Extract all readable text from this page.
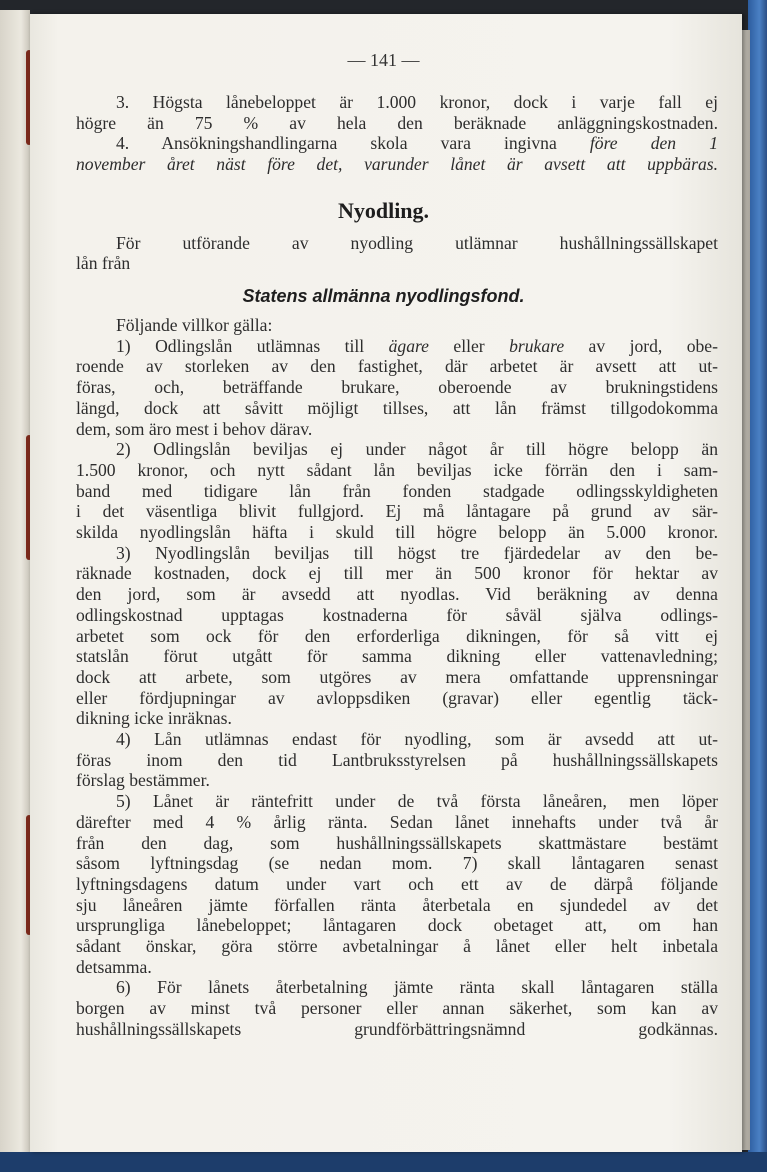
— 141 —
Nyodling.
Statens allmänna nyodlingsfond.
3. Högsta lånebeloppet är 1.000 kronor, dock i varje fall ej
högre än 75 % av hela den beräknade anläggningskostnaden.
4. Ansökningshandlingarna skola vara ingivna före den 1
november året näst före det, varunder lånet är avsett att uppbäras.
För utförande av nyodling utlämnar hushållningssällskapet
lån från
Följande villkor gälla:
1) Odlingslån utlämnas till ägare eller brukare av jord, obe-
roende av storleken av den fastighet, där arbetet är avsett att ut-
föras, och, beträffande brukare, oberoende av brukningstidens
längd, dock att såvitt möjligt tillses, att lån främst tillgodokomma
dem, som äro mest i behov därav.
2) Odlingslån beviljas ej under något år till högre belopp än
1.500 kronor, och nytt sådant lån beviljas icke förrän den i sam-
band med tidigare lån från fonden stadgade odlingsskyldigheten
i det väsentliga blivit fullgjord. Ej må låntagare på grund av sär-
skilda nyodlingslån häfta i skuld till högre belopp än 5.000 kronor.
3) Nyodlingslån beviljas till högst tre fjärdedelar av den be-
räknade kostnaden, dock ej till mer än 500 kronor för hektar av
den jord, som är avsedd att nyodlas. Vid beräkning av denna
odlingskostnad upptagas kostnaderna för såväl själva odlings-
arbetet som ock för den erforderliga dikningen, för så vitt ej
statslån förut utgått för samma dikning eller vattenavledning;
dock att arbete, som utgöres av mera omfattande upprensningar
eller fördjupningar av avloppsdiken (gravar) eller egentlig täck-
dikning icke inräknas.
4) Lån utlämnas endast för nyodling, som är avsedd att ut-
föras inom den tid Lantbruksstyrelsen på hushållningssällskapets
förslag bestämmer.
5) Lånet är räntefritt under de två första låneåren, men löper
därefter med 4 % årlig ränta. Sedan lånet innehafts under två år
från den dag, som hushållningssällskapets skattmästare bestämt
såsom lyftningsdag (se nedan mom. 7) skall låntagaren senast
lyftningsdagens datum under vart och ett av de därpå följande
sju låneåren jämte förfallen ränta återbetala en sjundedel av det
ursprungliga lånebeloppet; låntagaren dock obetaget att, om han
sådant önskar, göra större avbetalningar å lånet eller helt inbetala
detsamma.
6) För lånets återbetalning jämte ränta skall låntagaren ställa
borgen av minst två personer eller annan säkerhet, som kan av
hushållningssällskapets grundförbättringsnämnd godkännas.
